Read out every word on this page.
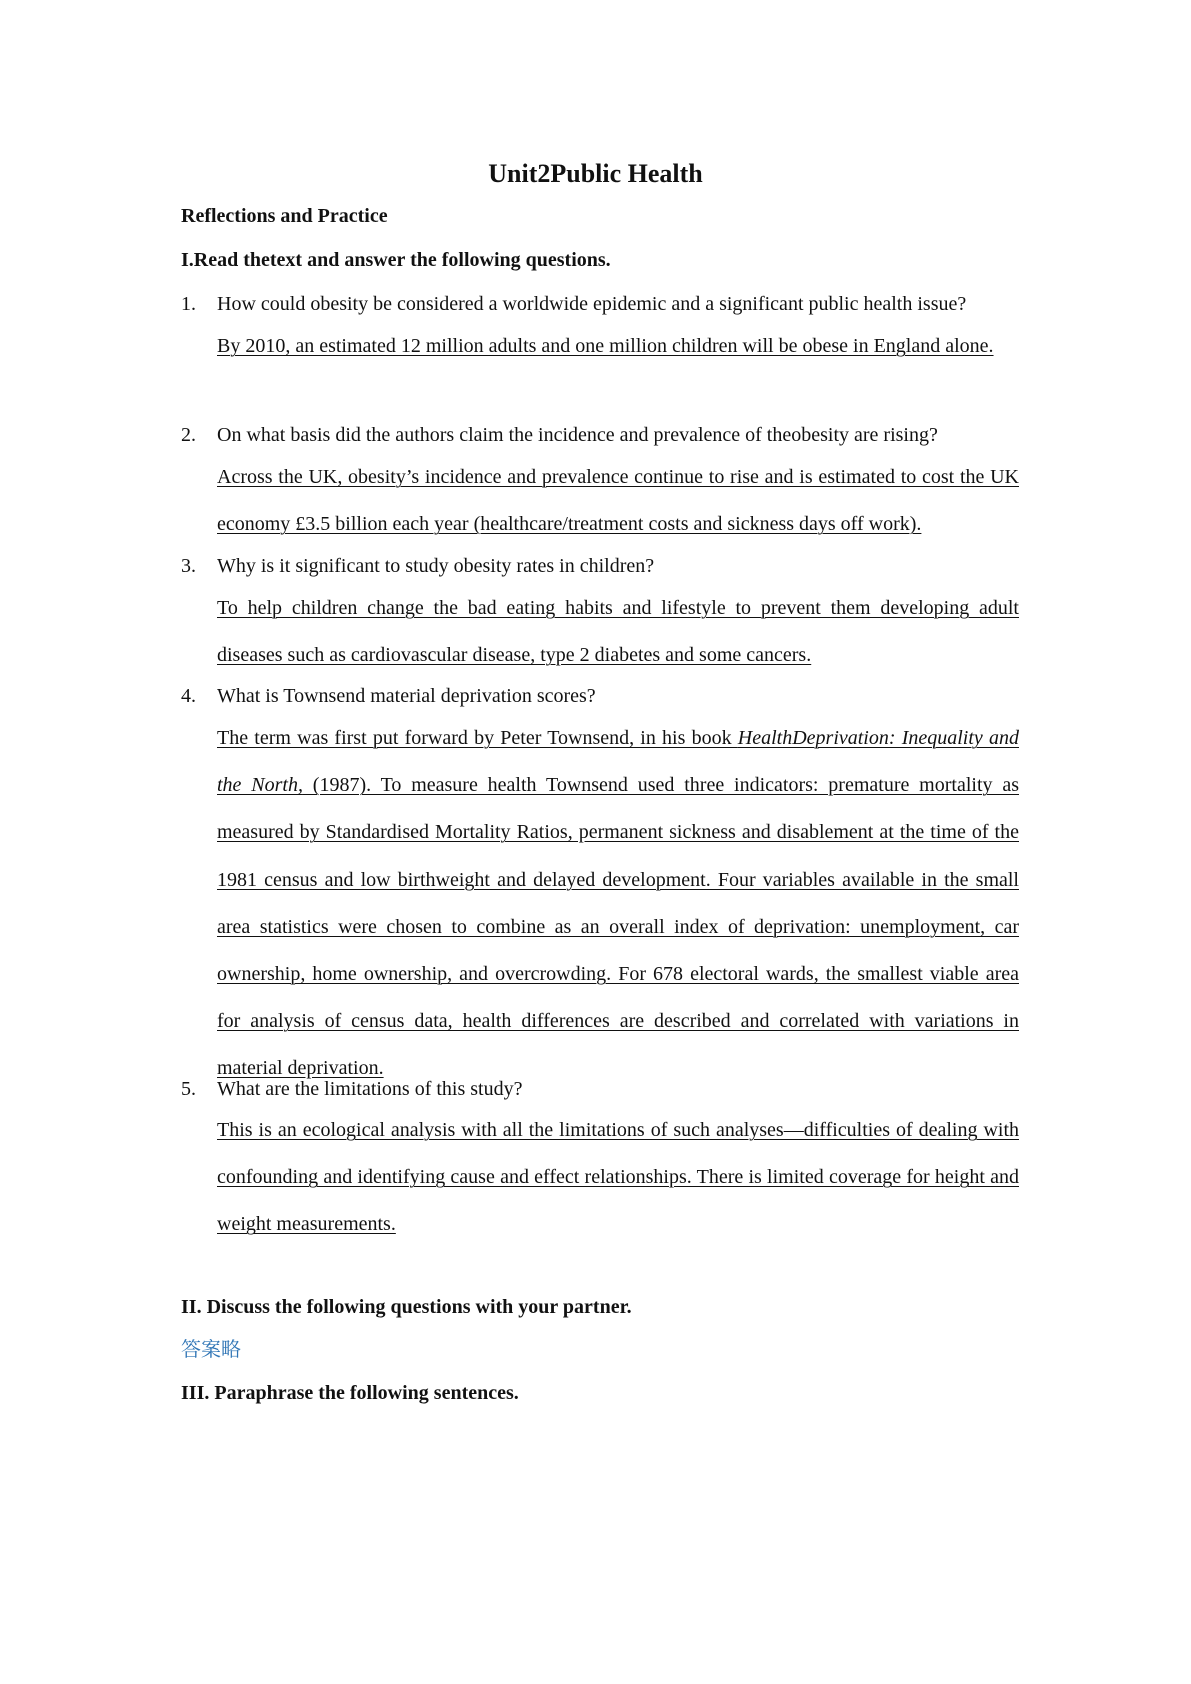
Unit2Public Health
Reflections and Practice
I.Read thetext and answer the following questions.
1. How could obesity be considered a worldwide epidemic and a significant public health issue?

By 2010, an estimated 12 million adults and one million children will be obese in England alone.

2. On what basis did the authors claim the incidence and prevalence of theobesity are rising?

Across the UK, obesity’s incidence and prevalence continue to rise and is estimated to cost the UK economy £3.5 billion each year (healthcare/treatment costs and sickness days off work).

3. Why is it significant to study obesity rates in children?

To help children change the bad eating habits and lifestyle to prevent them developing adult diseases such as cardiovascular disease, type 2 diabetes and some cancers.

4. What is Townsend material deprivation scores?

The term was first put forward by Peter Townsend, in his book HealthDeprivation: Inequality and the North, (1987). To measure health Townsend used three indicators: premature mortality as measured by Standardised Mortality Ratios, permanent sickness and disablement at the time of the 1981 census and low birthweight and delayed development. Four variables available in the small area statistics were chosen to combine as an overall index of deprivation: unemployment, car ownership, home ownership, and overcrowding. For 678 electoral wards, the smallest viable area for analysis of census data, health differences are described and correlated with variations in material deprivation.

5. What are the limitations of this study?

This is an ecological analysis with all the limitations of such analyses—difficulties of dealing with confounding and identifying cause and effect relationships. There is limited coverage for height and weight measurements.

II. Discuss the following questions with your partner.
答案略
III. Paraphrase the following sentences.
